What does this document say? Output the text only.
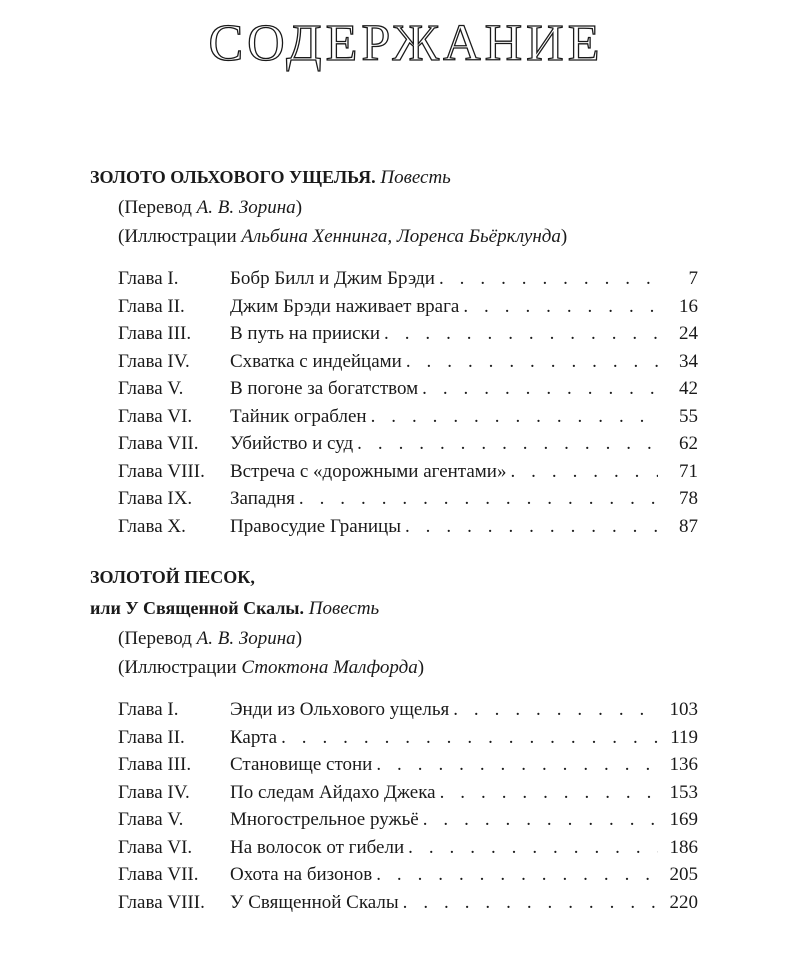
СОДЕРЖАНИЕ
ЗОЛОТО ОЛЬХОВОГО УЩЕЛЬЯ. Повесть
(Перевод А. В. Зорина)
(Иллюстрации Альбина Хеннинга, Лоренса Бьёрклунда)
Глава I.	Бобр Билл и Джим Брэди . . .	7
Глава II.	Джим Брэди наживает врага . . .	16
Глава III.	В путь на прииски . . .	24
Глава IV.	Схватка с индейцами . . .	34
Глава V.	В погоне за богатством . . .	42
Глава VI.	Тайник ограблен . . .	55
Глава VII.	Убийство и суд . . .	62
Глава VIII.	Встреча с «дорожными агентами» . . .	71
Глава IX.	Западня . . .	78
Глава X.	Правосудие Границы . . .	87
ЗОЛОТОЙ ПЕСОК,
или У Священной Скалы. Повесть
(Перевод А. В. Зорина)
(Иллюстрации Стоктона Малфорда)
Глава I.	Энди из Ольхового ущелья . . .	103
Глава II.	Карта . . .	119
Глава III.	Становище стони . . .	136
Глава IV.	По следам Айдахо Джека . . .	153
Глава V.	Многострельное ружьё . . .	169
Глава VI.	На волосок от гибели . . .	186
Глава VII.	Охота на бизонов . . .	205
Глава VIII.	У Священной Скалы . . .	220
